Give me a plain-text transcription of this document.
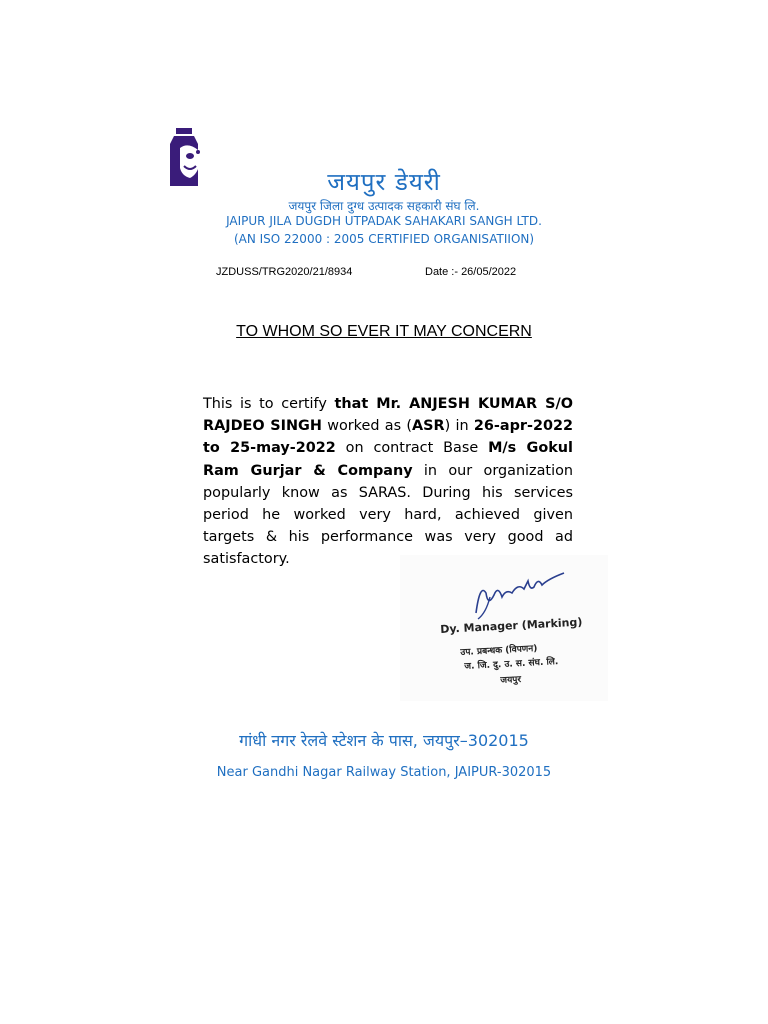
जयपुर डेयरी
जयपुर जिला दुग्ध उत्पादक सहकारी संघ लि.
JAIPUR JILA DUGDH UTPADAK SAHAKARI SANGH LTD.
(AN ISO 22000 : 2005 CERTIFIED ORGANISATIION)
JZDUSS/TRG2020/21/8934	Date :- 26/05/2022
TO WHOM SO EVER IT MAY CONCERN
This is to certify that Mr. ANJESH KUMAR S/O RAJDEO SINGH worked as (ASR) in 26-apr-2022 to 25-may-2022 on contract Base M/s Gokul Ram Gurjar & Company in our organization popularly know as SARAS. During his services period he worked very hard, achieved given targets & his performance was very good ad satisfactory.
Dy. Manager (Marking)
उप. प्रबन्धक (विपणन)
ज. जि. दु. उ. स. संघ. लि.
जयपुर
गांधी नगर रेलवे स्टेशन के पास, जयपुर–302015
Near Gandhi Nagar Railway Station, JAIPUR-302015
